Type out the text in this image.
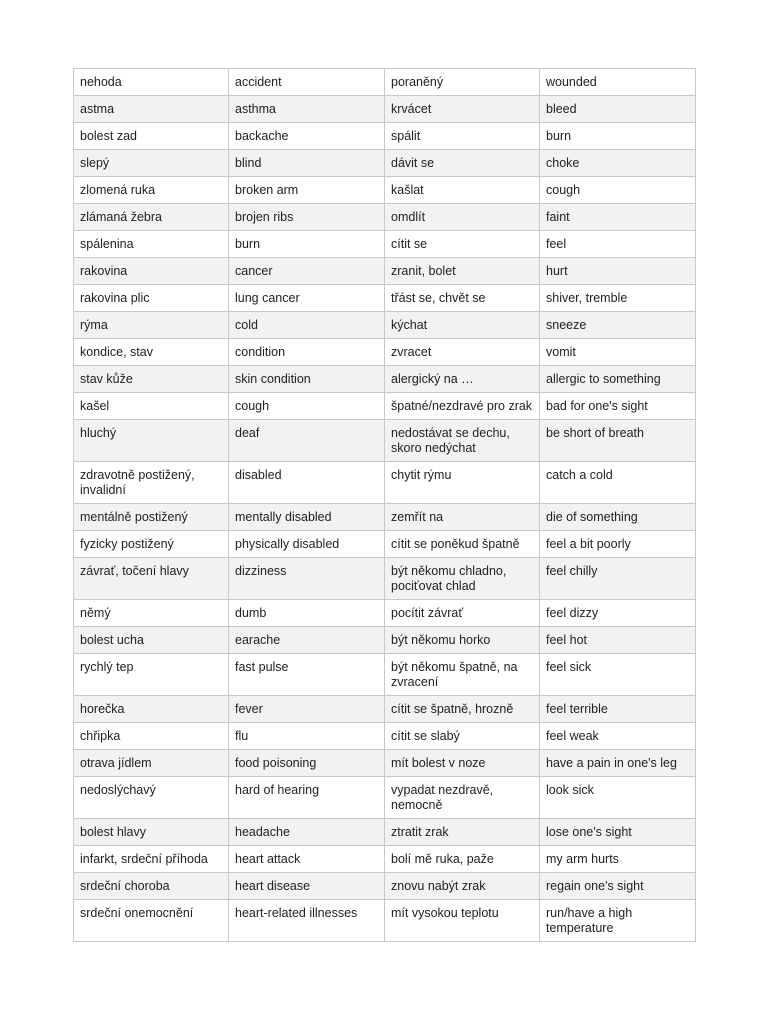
nehoda	accident	poraněný	wounded
astma	asthma	krvácet	bleed
bolest zad	backache	spálit	burn
slepý	blind	dávit se	choke
zlomená ruka	broken arm	kašlat	cough
zlámaná žebra	brojen ribs	omdlít	faint
spálenina	burn	cítit se	feel
rakovina	cancer	zranit, bolet	hurt
rakovina plic	lung cancer	třást se, chvět se	shiver, tremble
rýma	cold	kýchat	sneeze
kondice, stav	condition	zvracet	vomit
stav kůže	skin condition	alergický na …	allergic to something
kašel	cough	špatné/nezdravé pro zrak	bad for one's sight
hluchý	deaf	nedostávat se dechu, skoro nedýchat	be short of breath
zdravotně postižený, invalidní	disabled	chytit rýmu	catch a cold
mentálně postižený	mentally disabled	zemřít na	die of something
fyzicky postižený	physically disabled	cítit se poněkud špatně	feel a bit poorly
závrať, točení hlavy	dizziness	být někomu chladno, pociťovat chlad	feel chilly
němý	dumb	pocítit závrať	feel dizzy
bolest ucha	earache	být někomu horko	feel hot
rychlý tep	fast pulse	být někomu špatně, na zvracení	feel sick
horečka	fever	cítit se špatně, hrozně	feel terrible
chřipka	flu	cítit se slabý	feel weak
otrava jídlem	food poisoning	mít bolest v noze	have a pain in one's leg
nedoslýchavý	hard of hearing	vypadat nezdravě, nemocně	look sick
bolest hlavy	headache	ztratit zrak	lose one's sight
infarkt, srdeční příhoda	heart attack	bolí mě ruka, paže	my arm hurts
srdeční choroba	heart disease	znovu nabýt zrak	regain one's sight
srdeční onemocnění	heart-related illnesses	mít vysokou teplotu	run/have a high temperature
